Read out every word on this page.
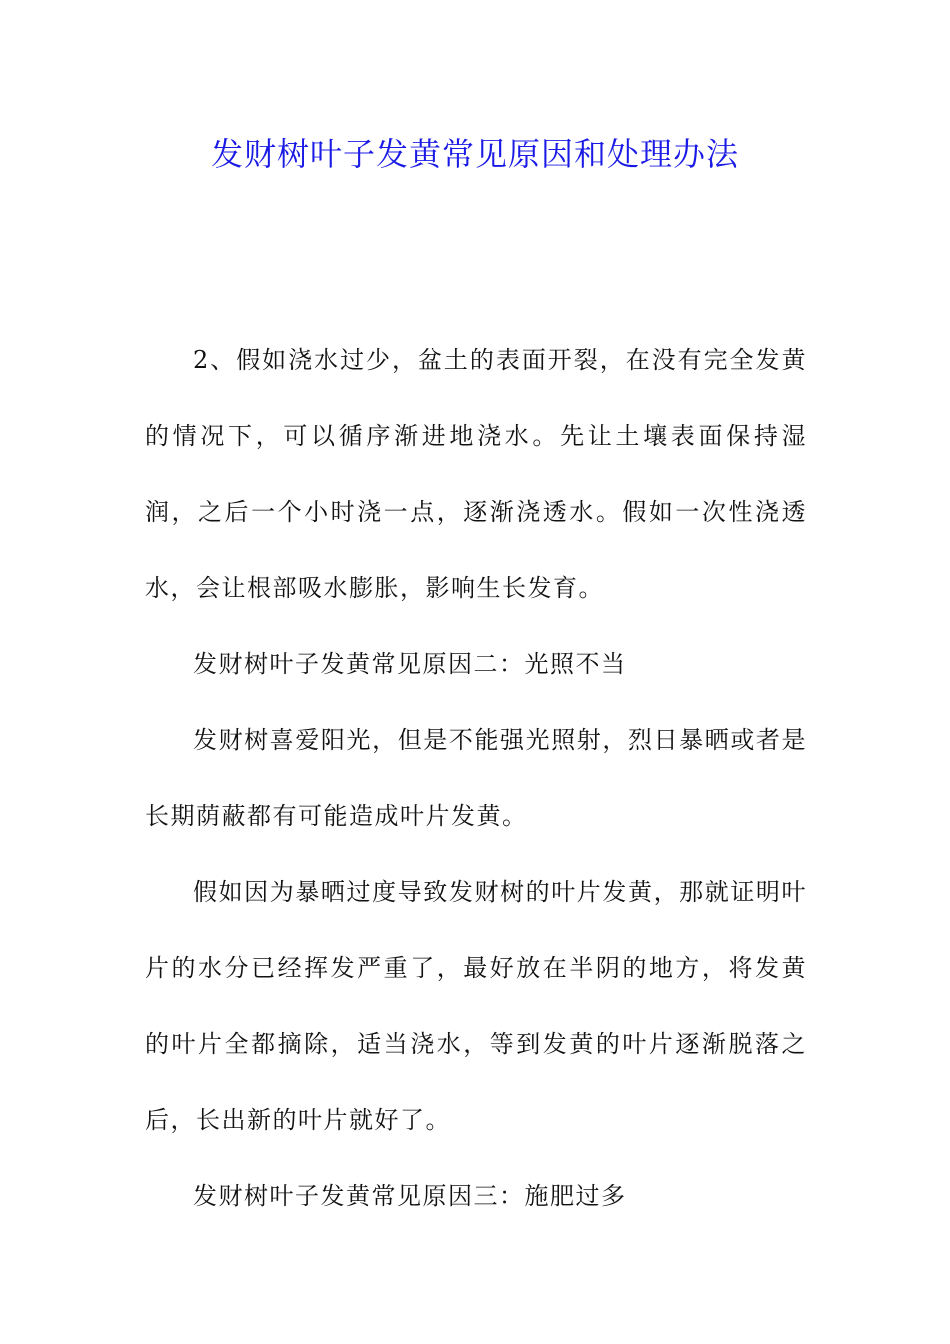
发财树叶子发黄常见原因和处理办法

2、假如浇水过少，盆土的表面开裂，在没有完全发黄的情况下，可以循序渐进地浇水。先让土壤表面保持湿润，之后一个小时浇一点，逐渐浇透水。假如一次性浇透水，会让根部吸水膨胀，影响生长发育。

发财树叶子发黄常见原因二：光照不当

发财树喜爱阳光，但是不能强光照射，烈日暴晒或者是长期荫蔽都有可能造成叶片发黄。

假如因为暴晒过度导致发财树的叶片发黄，那就证明叶片的水分已经挥发严重了，最好放在半阴的地方，将发黄的叶片全都摘除，适当浇水，等到发黄的叶片逐渐脱落之后，长出新的叶片就好了。

发财树叶子发黄常见原因三：施肥过多
